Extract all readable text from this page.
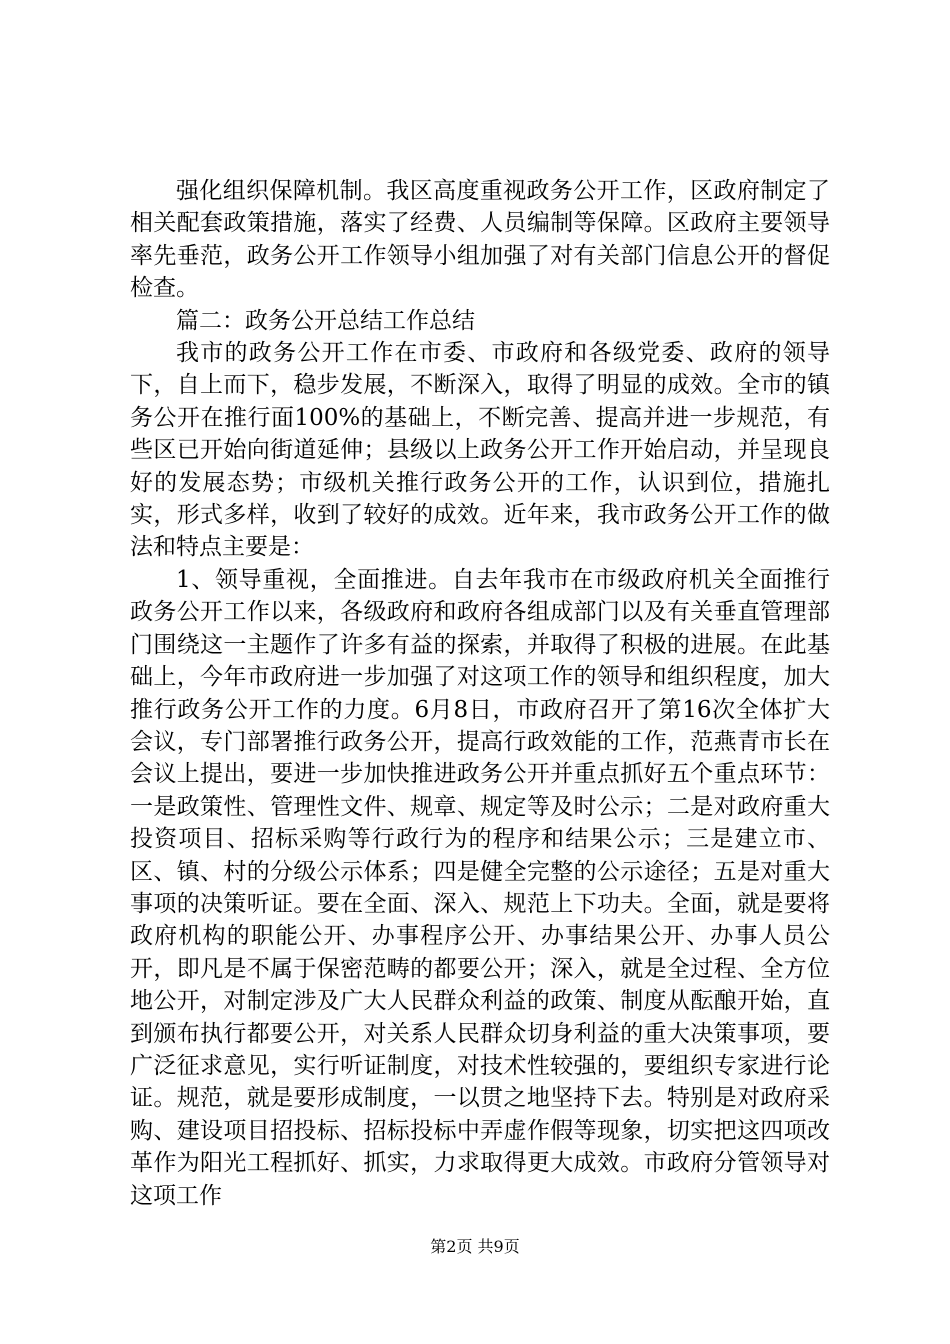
强化组织保障机制。我区高度重视政务公开工作，区政府制定了相关配套政策措施，落实了经费、人员编制等保障。区政府主要领导率先垂范，政务公开工作领导小组加强了对有关部门信息公开的督促检查。

篇二：政务公开总结工作总结

我市的政务公开工作在市委、市政府和各级党委、政府的领导下，自上而下，稳步发展，不断深入，取得了明显的成效。全市的镇务公开在推行面100%的基础上，不断完善、提高并进一步规范，有些区已开始向街道延伸；县级以上政务公开工作开始启动，并呈现良好的发展态势；市级机关推行政务公开的工作，认识到位，措施扎实，形式多样，收到了较好的成效。近年来，我市政务公开工作的做法和特点主要是：

1、领导重视，全面推进。自去年我市在市级政府机关全面推行政务公开工作以来，各级政府和政府各组成部门以及有关垂直管理部门围绕这一主题作了许多有益的探索，并取得了积极的进展。在此基础上，今年市政府进一步加强了对这项工作的领导和组织程度，加大推行政务公开工作的力度。6月8日，市政府召开了第16次全体扩大会议，专门部署推行政务公开，提高行政效能的工作，范燕青市长在会议上提出，要进一步加快推进政务公开并重点抓好五个重点环节：一是政策性、管理性文件、规章、规定等及时公示；二是对政府重大投资项目、招标采购等行政行为的程序和结果公示；三是建立市、区、镇、村的分级公示体系；四是健全完整的公示途径；五是对重大事项的决策听证。要在全面、深入、规范上下功夫。全面，就是要将政府机构的职能公开、办事程序公开、办事结果公开、办事人员公开，即凡是不属于保密范畴的都要公开；深入，就是全过程、全方位地公开，对制定涉及广大人民群众利益的政策、制度从酝酿开始，直到颁布执行都要公开，对关系人民群众切身利益的重大决策事项，要广泛征求意见，实行听证制度，对技术性较强的，要组织专家进行论证。规范，就是要形成制度，一以贯之地坚持下去。特别是对政府采购、建设项目招投标、招标投标中弄虚作假等现象，切实把这四项改革作为阳光工程抓好、抓实，力求取得更大成效。市政府分管领导对这项工作

第2页 共9页
